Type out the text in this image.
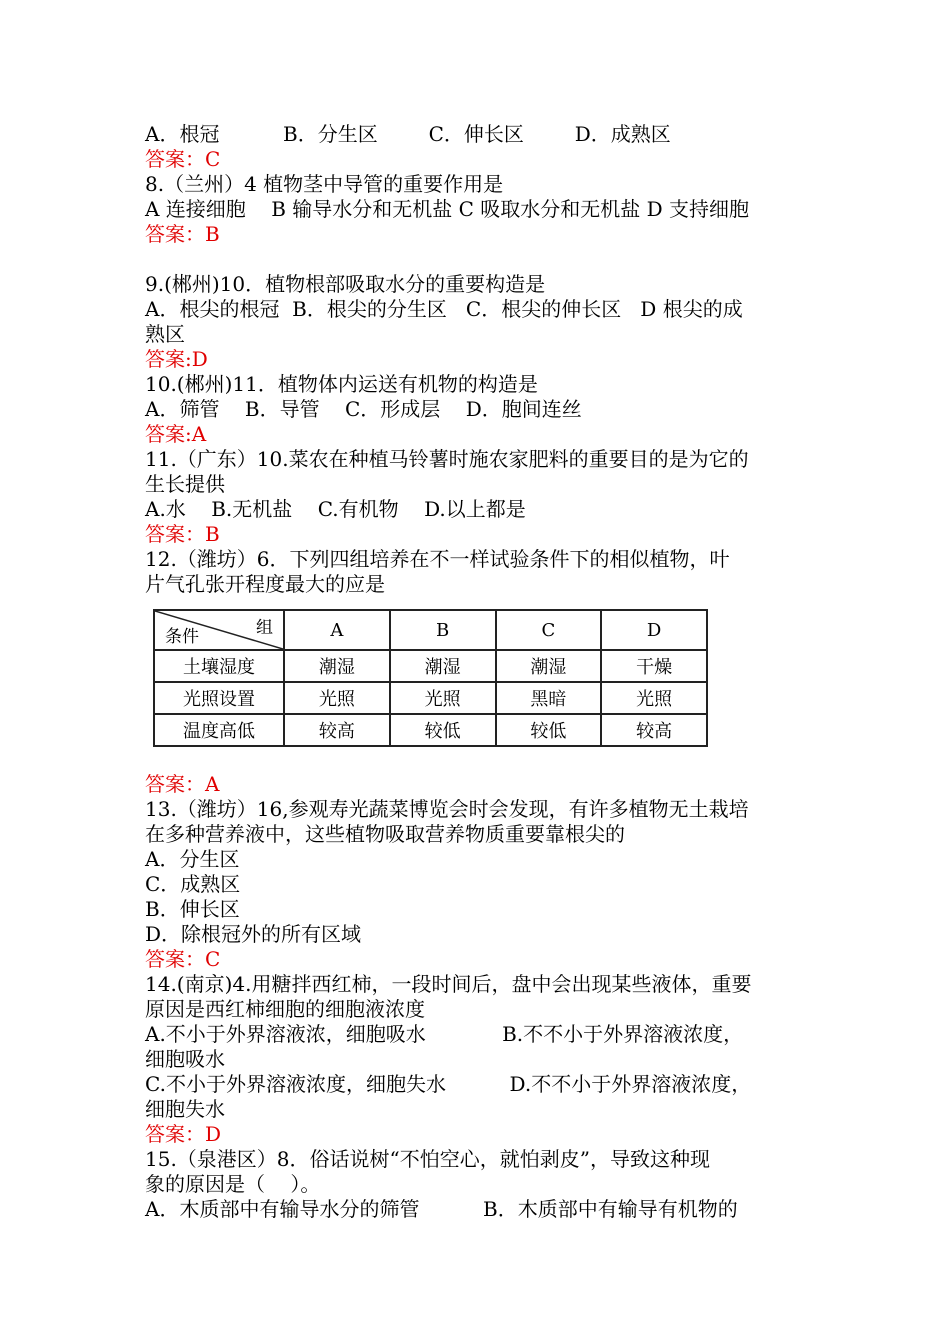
A．根冠          B．分生区        C．伸长区        D．成熟区
答案：C
8.（兰州）4 植物茎中导管的重要作用是
A 连接细胞    B 输导水分和无机盐 C 吸取水分和无机盐 D 支持细胞
答案：B
9.(郴州)10．植物根部吸取水分的重要构造是
A．根尖的根冠  B．根尖的分生区   C．根尖的伸长区   D 根尖的成
熟区
答案:D
10.(郴州)11．植物体内运送有机物的构造是
A．筛管    B．导管    C．形成层    D．胞间连丝
答案:A
11.（广东）10.菜农在种植马铃薯时施农家肥料的重要目的是为它的
生长提供
A.水    B.无机盐    C.有机物    D.以上都是
答案：B
12.（潍坊）6．下列四组培养在不一样试验条件下的相似植物，叶
片气孔张开程度最大的应是
组
条件	A	B	C	D
土壤湿度	潮湿	潮湿	潮湿	干燥
光照设置	光照	光照	黑暗	光照
温度高低	较高	较低	较低	较高
答案：A
13.（潍坊）16,参观寿光蔬菜博览会时会发现，有许多植物无土栽培
在多种营养液中，这些植物吸取营养物质重要靠根尖的
A．分生区
C．成熟区
B．伸长区
D．除根冠外的所有区域
答案：C
14.(南京)4.用糖拌西红柿，一段时间后，盘中会出现某些液体，重要
原因是西红柿细胞的细胞液浓度
A.不小于外界溶液浓，细胞吸水            B.不不小于外界溶液浓度，
细胞吸水
C.不小于外界溶液浓度，细胞失水          D.不不小于外界溶液浓度，
细胞失水
答案：D
15.（泉港区）8．俗话说树“不怕空心，就怕剥皮”，导致这种现
象的原因是（    ）。
A．木质部中有输导水分的筛管          B．木质部中有输导有机物的
